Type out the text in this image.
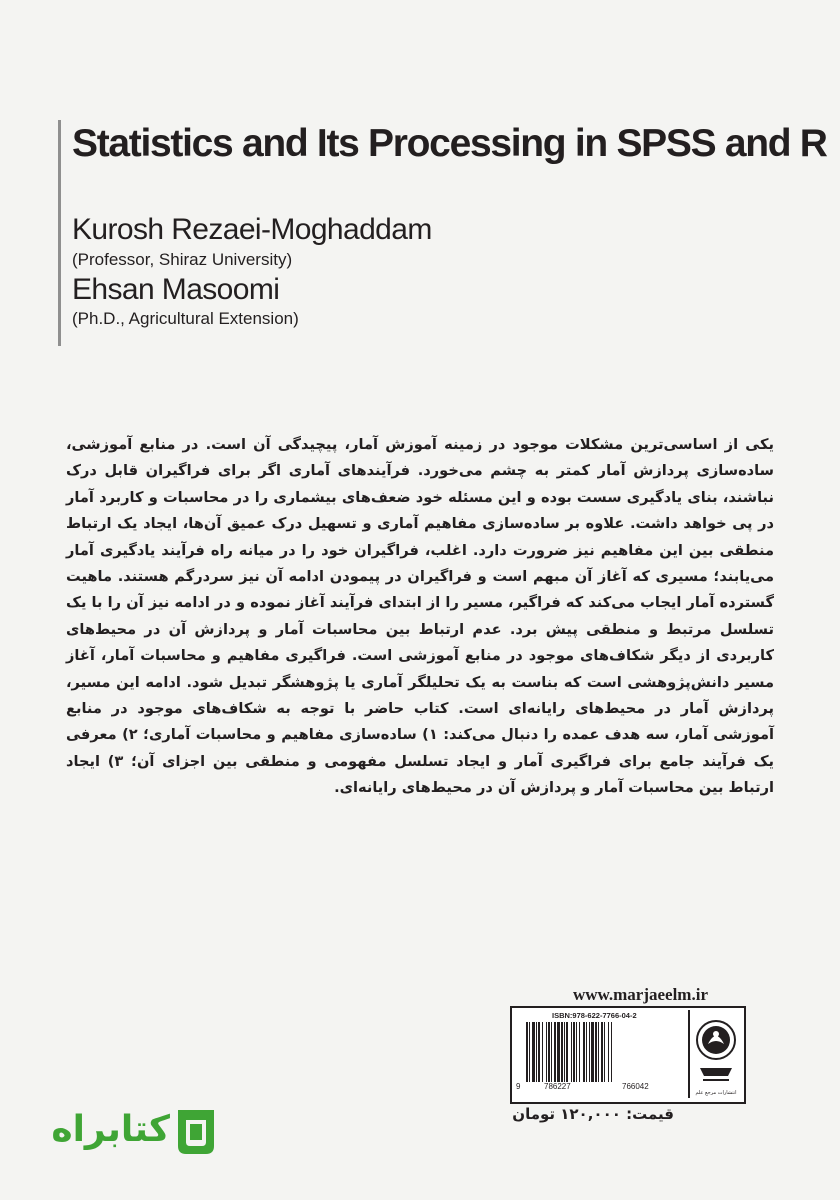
Statistics and Its Processing in SPSS and R
Kurosh Rezaei-Moghaddam
(Professor, Shiraz University)
Ehsan Masoomi
(Ph.D., Agricultural Extension)
یکی از اساسی‌ترین مشکلات موجود در زمینه آموزش آمار، پیچیدگی آن است. در منابع آموزشی، ساده‌سازی پردازش آمار کمتر به چشم می‌خورد. فرآیندهای آماری اگر برای فراگیران قابل درک نباشند، بنای یادگیری سست بوده و این مسئله خود ضعف‌های بیشماری را در محاسبات و کاربرد آمار در پی خواهد داشت. علاوه بر ساده‌سازی مفاهیم آماری و تسهیل درک عمیق آن‌ها، ایجاد یک ارتباط منطقی بین این مفاهیم نیز ضرورت دارد. اغلب، فراگیران خود را در میانه راه فرآیند یادگیری آمار می‌یابند؛ مسیری که آغاز آن مبهم است و فراگیران در پیمودن ادامه آن نیز سردرگم هستند. ماهیت گسترده آمار ایجاب می‌کند که فراگیر، مسیر را از ابتدای فرآیند آغاز نموده و در ادامه نیز آن را با یک تسلسل مرتبط و منطقی پیش برد. عدم ارتباط بین محاسبات آمار و پردازش آن در محیط‌های کاربردی از دیگر شکاف‌های موجود در منابع آموزشی است. فراگیری مفاهیم و محاسبات آمار، آغاز مسیر دانش‌پژوهشی است که بناست به یک تحلیلگر آماری یا پژوهشگر تبدیل شود. ادامه این مسیر، پردازش آمار در محیط‌های رایانه‌ای است. کتاب حاضر با توجه به شکاف‌های موجود در منابع آموزشی آمار، سه هدف عمده را دنبال می‌کند: ۱) ساده‌سازی مفاهیم و محاسبات آماری؛ ۲) معرفی یک فرآیند جامع برای فراگیری آمار و ایجاد تسلسل مفهومی و منطقی بین اجزای آن؛ ۳) ایجاد ارتباط بین محاسبات آمار و پردازش آن در محیط‌های رایانه‌ای.
www.marjaeelm.ir
ISBN:978-622-7766-04-2
9	786227	766042
انتشارات مرجع علم
قیمت: ۱۲۰,۰۰۰ تومان
کتابراه
